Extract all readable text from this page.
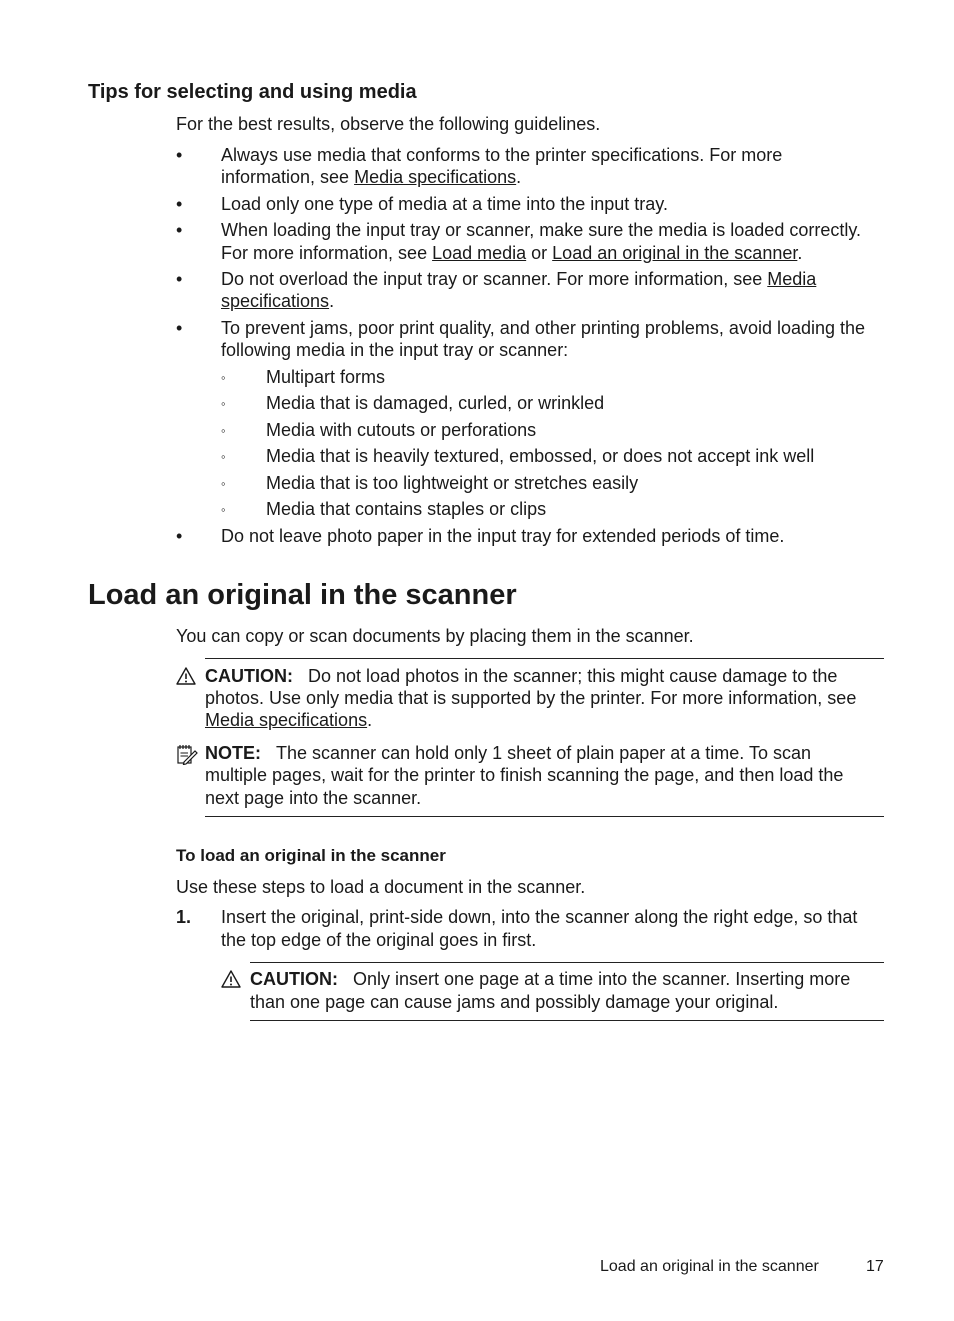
Tips for selecting and using media
For the best results, observe the following guidelines.
•	Always use media that conforms to the printer specifications. For more
information, see Media specifications.
•	Load only one type of media at a time into the input tray.
•	When loading the input tray or scanner, make sure the media is loaded correctly.
For more information, see Load media or Load an original in the scanner.
•	Do not overload the input tray or scanner. For more information, see Media
specifications.
•	To prevent jams, poor print quality, and other printing problems, avoid loading the
following media in the input tray or scanner:
◦ Multipart forms
◦ Media that is damaged, curled, or wrinkled
◦ Media with cutouts or perforations
◦ Media that is heavily textured, embossed, or does not accept ink well
◦ Media that is too lightweight or stretches easily
◦ Media that contains staples or clips
•	Do not leave photo paper in the input tray for extended periods of time.
Load an original in the scanner
You can copy or scan documents by placing them in the scanner.
CAUTION: Do not load photos in the scanner; this might cause damage to the
photos. Use only media that is supported by the printer. For more information, see
Media specifications.
NOTE: The scanner can hold only 1 sheet of plain paper at a time. To scan
multiple pages, wait for the printer to finish scanning the page, and then load the
next page into the scanner.
To load an original in the scanner
Use these steps to load a document in the scanner.
1. Insert the original, print-side down, into the scanner along the right edge, so that
the top edge of the original goes in first.
CAUTION: Only insert one page at a time into the scanner. Inserting more
than one page can cause jams and possibly damage your original.
Load an original in the scanner	17
